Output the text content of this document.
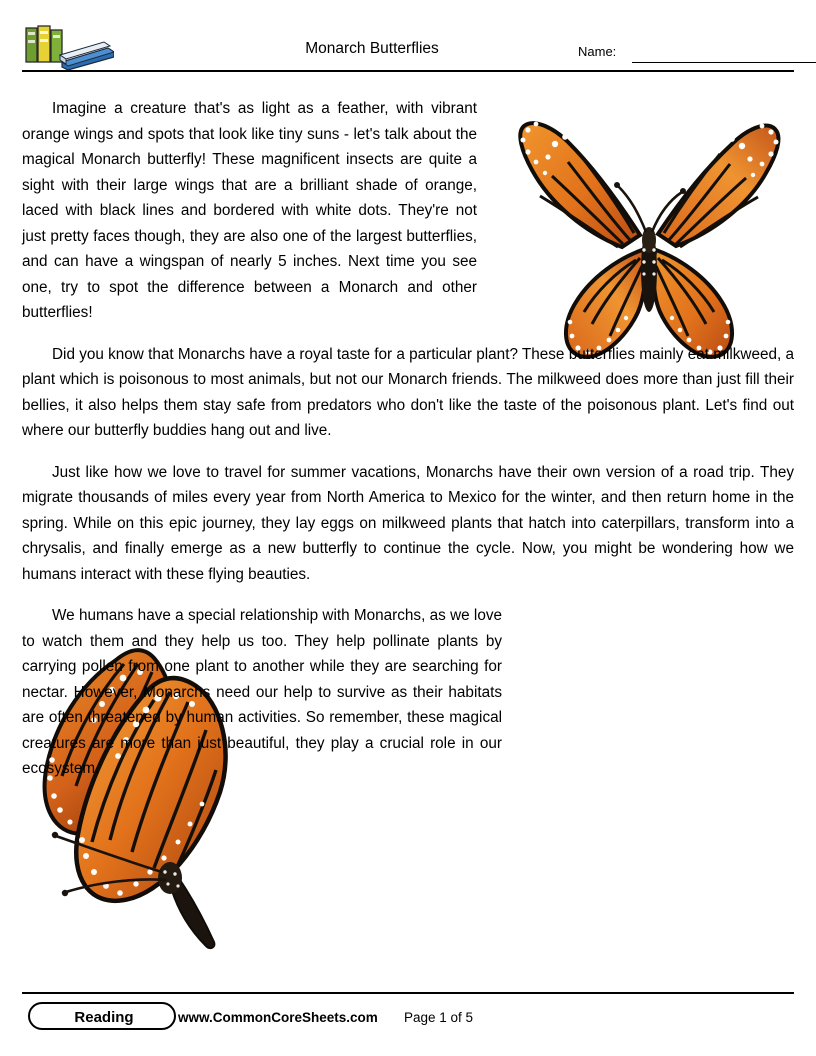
Monarch Butterflies	Name:

Imagine a creature that's as light as a feather, with vibrant orange wings and spots that look like tiny suns - let's talk about the magical Monarch butterfly! These magnificent insects are quite a sight with their large wings that are a brilliant shade of orange, laced with black lines and bordered with white dots. They're not just pretty faces though, they are also one of the largest butterflies, and can have a wingspan of nearly 5 inches. Next time you see one, try to spot the difference between a Monarch and other butterflies!

Did you know that Monarchs have a royal taste for a particular plant? These butterflies mainly eat milkweed, a plant which is poisonous to most animals, but not our Monarch friends. The milkweed does more than just fill their bellies, it also helps them stay safe from predators who don't like the taste of the poisonous plant. Let's find out where our butterfly buddies hang out and live.

Just like how we love to travel for summer vacations, Monarchs have their own version of a road trip. They migrate thousands of miles every year from North America to Mexico for the winter, and then return home in the spring. While on this epic journey, they lay eggs on milkweed plants that hatch into caterpillars, transform into a chrysalis, and finally emerge as a new butterfly to continue the cycle. Now, you might be wondering how we humans interact with these flying beauties.

We humans have a special relationship with Monarchs, as we love to watch them and they help us too. They help pollinate plants by carrying pollen from one plant to another while they are searching for nectar. However, Monarchs need our help to survive as their habitats are often threatened by human activities. So remember, these magical creatures are more than just beautiful, they play a crucial role in our ecosystem.

Reading	www.CommonCoreSheets.com Page 1 of 5
